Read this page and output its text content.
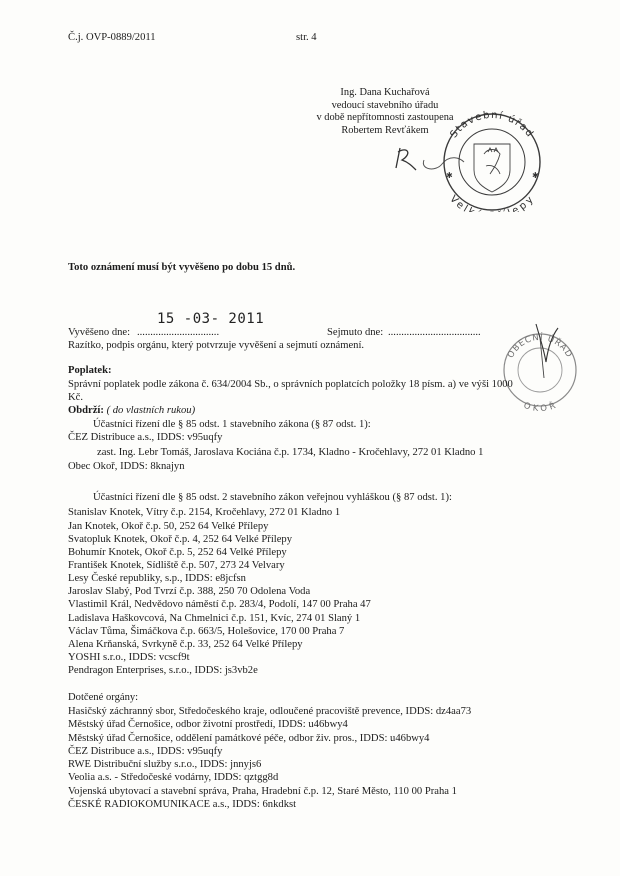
Č.j. OVP-0889/2011	str. 4
Ing. Dana Kuchařová
vedoucí stavebního úřadu
v době nepřítomnosti zastoupena
Robertem Revťákem	Stavební úřad
Vel epy
✱
✱
Toto oznámení musí být vyvěšeno po dobu 15 dnů.
Vyvěšeno dne: ...............................
15 -03- 2011
Sejmuto dne: ...................................
Razítko, podpis orgánu, který potvrzuje vyvěšení a sejmutí oznámení.
OBECNÍ ÚŘAD
OKOŘ
Poplatek:
Správní poplatek podle zákona č. 634/2004 Sb., o správních poplatcích položky 18 písm. a) ve výši 1000
Kč.
Obdrží: ( do vlastních rukou)
Účastníci řízení dle § 85 odst. 1 stavebního zákona (§ 87 odst. 1):
ČEZ Distribuce a.s., IDDS: v95uqfy
zast. Ing. Lebr Tomáš, Jaroslava Kociána č.p. 1734, Kladno - Kročehlavy, 272 01 Kladno 1
Obec Okoř, IDDS: 8knajyn
Účastníci řízení dle § 85 odst. 2 stavebního zákon veřejnou vyhláškou (§ 87 odst. 1):
Stanislav Knotek, Vítry č.p. 2154, Kročehlavy, 272 01 Kladno 1
Jan Knotek, Okoř č.p. 50, 252 64 Velké Přílepy
Svatopluk Knotek, Okoř č.p. 4, 252 64 Velké Přílepy
Bohumír Knotek, Okoř č.p. 5, 252 64 Velké Přílepy
František Knotek, Sídliště č.p. 507, 273 24 Velvary
Lesy České republiky, s.p., IDDS: e8jcfsn
Jaroslav Slabý, Pod Tvrzí č.p. 388, 250 70 Odolena Voda
Vlastimil Král, Nedvědovo náměstí č.p. 283/4, Podolí, 147 00 Praha 47
Ladislava Haškovcová, Na Chmelnici č.p. 151, Kvíc, 274 01 Slaný 1
Václav Tůma, Šimáčkova č.p. 663/5, Holešovice, 170 00 Praha 7
Alena Krňanská, Svrkyně č.p. 33, 252 64 Velké Přílepy
YOSHI s.r.o., IDDS: vcscf9t
Pendragon Enterprises, s.r.o., IDDS: js3vb2e
Dotčené orgány:
Hasičský záchranný sbor, Středočeského kraje, odloučené pracoviště prevence, IDDS: dz4aa73
Městský úřad Černošice, odbor životní prostředí, IDDS: u46bwy4
Městský úřad Černošice, oddělení památkové péče, odbor živ. pros., IDDS: u46bwy4
ČEZ Distribuce a.s., IDDS: v95uqfy
RWE Distribuční služby s.r.o., IDDS: jnnyjs6
Veolia a.s. - Středočeské vodárny, IDDS: qztgg8d
Vojenská ubytovací a stavební správa, Praha, Hradební č.p. 12, Staré Město, 110 00 Praha 1
ČESKÉ RADIOKOMUNIKACE a.s., IDDS: 6nkdkst
